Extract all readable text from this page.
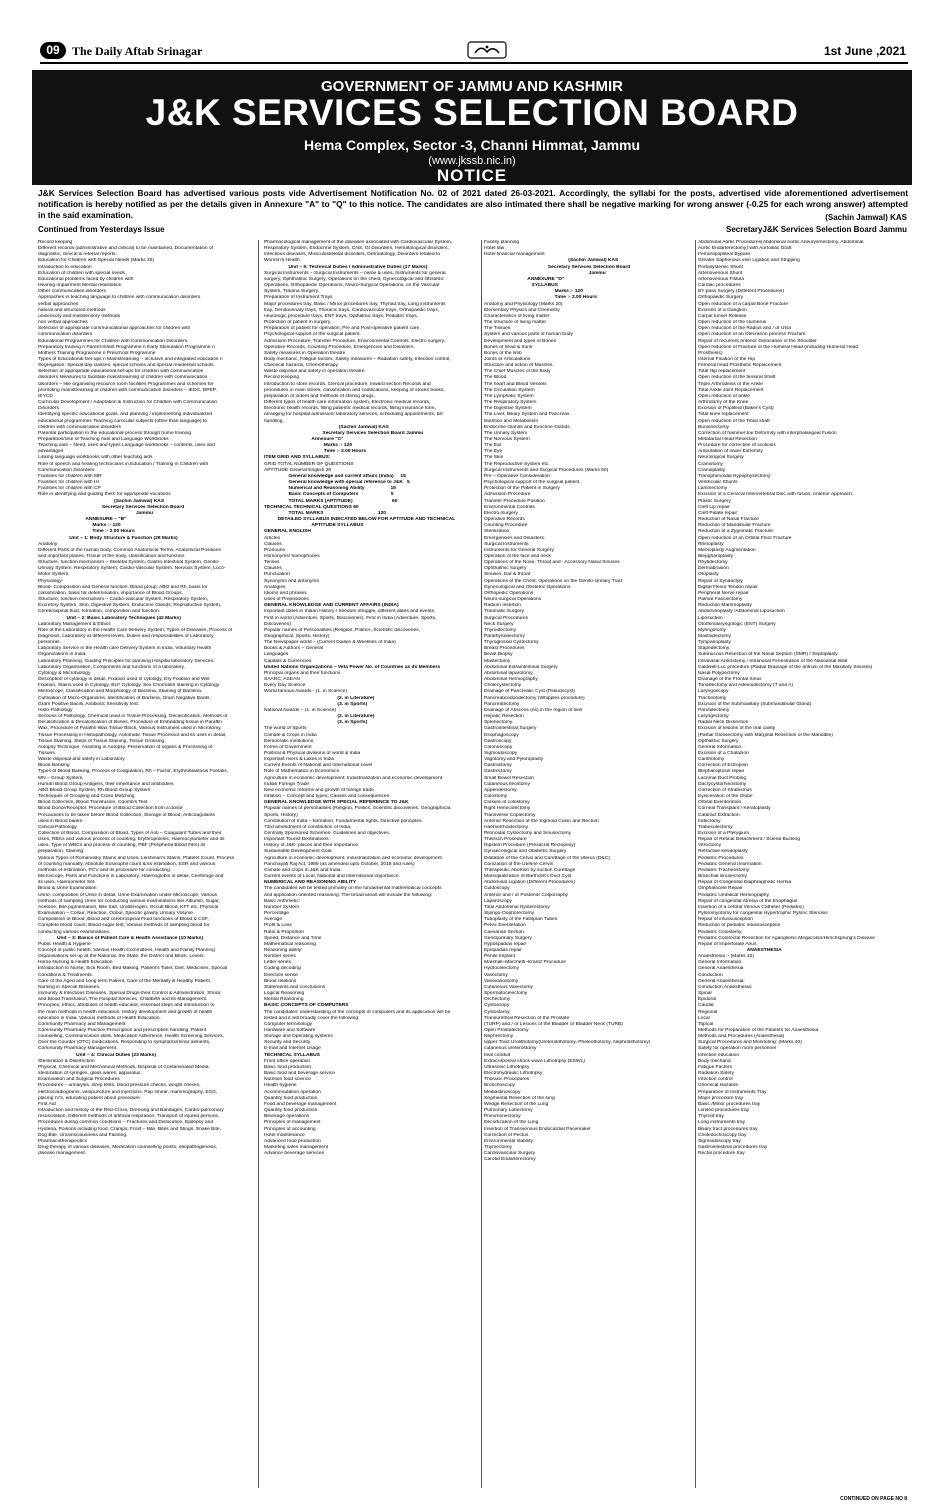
09	The Daily Aftab Srinagar	1st June ,2021
GOVERNMENT OF JAMMU AND KASHMIR
J&K SERVICES SELECTION BOARD
Hema Complex, Sector -3, Channi Himmat, Jammu
(www.jkssb.nic.in)
NOTICE
J&K Services Selection Board has advertised various posts vide Advertisement Notification No. 02 of 2021 dated 26-03-2021. Accordingly, the syllabi for the posts, advertised vide aforementioned advertisement notification is hereby notified as per the details given in Annexure "A" to "Q" to this notice. The candidates are also intimated there shall be negative marking for wrong answer (-0.25 for each wrong answer) attempted in the said examination.	(Sachin Jamwal) KAS
Continued from Yesterdays Issue	SecretaryJ&K Services Selection Board Jammu
Record keeping
Different records (administrative and clinical) to be maintained, Documentation of
diagnostic, clinical & referral reports.
Education for Children with Special Needs (Marks 25)
Introduction to education
Education of children with special needs
Educational problems faced by children with
Hearing impairment Mental retardation
Other communication disorders
Approaches in teaching language to children with communication disorders
verbal approaches
natural and structured methods
unisensory and multisensory methods
non verbal approaches
Selection of appropriate communicational approaches for children with
communication disorders
Educational Programmes for Children with Communication Disorders.
Preparatory training n Parent-Infant Programme n Early Stimulation Programme n
Mothers Training Programme n Preschool Programme
Types of Educational Set-ups n Mainstreaming – inclusive and integrated education n
Segregation: Special day classes, special schools and special residential schools
Selection of appropriate educational set-ups for children with communication
disorders Measures to facilitate mainstreaming of children with communication
disorders – like organising resource room facilities Programmes and schemes for
promoting mainstreaming of children with communication disorders – IEDC, DPEP,
IEYCD
Curricular Development / Adaptation & Instruction for Children with Communication
Disorders
Identifying specific educational goals, and planning / implementing individualized
educational programmes Teaching curricular subjects (other than language) to
children with communication disorders
Parental participation in the educational process through home training
Preparation/Use of Teaching Aids and Language Workbooks
Teaching aids – Need, uses and types Language workbooks – contents, uses and
advantages
Linking language workbooks with other teaching aids
Role of speech and hearing technicians in Education / Training in Children with
Communication Disorders
Facilities for children with MR
Facilities for children with HI
Facilities for children with CP
Role in identifying and guiding them for appropriate vocations
(Sachin Jamwal) KAS
Secretary Services Selection Board
Jammu
ANNEXURE – "B"
Marks :- 120
Time :- 2.00 Hours
Unit – 1: Body Structure & Function (28 Marks)
Anatomy
Different Parts of the human body, Common Anatomical Terms, Anatomical Positions
and important planes, Tissue of the body, classification and function.
Structure, function mechanism – Skeletal System, Gastro-Intestinal System, Genito-
Urinary System, Respiratory System, Cardio-Vascular System, Nervous System, Loco-
Motor System.
Physiology-
Blood- Composition and General function, Blood group, ABO and Rh, basis for
classification, basis for determination, importance of Blood Groups.
Structure, function mechanism – Cardio-vascular System, Respiratory System,
Excretory System, Skin, Digestive System, Endocrine Glands, Reproductive System,
Cerebrospinal fluid, formation, composition and function.
Unit – 2: Basic Laboratory Techniques (42 Marks)
Laboratory Management & Ethics
Role of the Laboratory in the Health Care Delivery System, Types of Diseases, Process of
Diagnosis, Laboratory at different levels, Duties and responsibilities of Laboratory
personnel.
Laboratory Service in the Health care Delivery System in India, Voluntary Health
Organizations in India.
Laboratory Planning, Guiding Principles for planning Hospital laboratory Services,
Laboratory Organisation, Components and functions of a laboratory.
Cytology & Microbiology
Description of cytology in detail, Fixation used in cytology, Dry Fixation and Wet
Fixation, Stains used in Cytology, BLF Cytology, Sex Chormatin staining in Cytology.
Microscope, Classification and Morphology of Bacteria, Staining of Bacteria,
Cultivation of Micro-Organisms, Identification of Bacteria, Gram Negative Bacilli,
Gram Positive Bacilli, Antibiotic Sensitivity test.
Histo-Pathology
Sections of Pathology, Chemical used in Tissue Processing, Decalcification, Methods of
Decalcification & Decalcification of Bones, Procedure of Embedding tissue in Paraffin
Wax, Procedure of Paraffin Wax Tissue Block, Various Instrument used in Microtomy.
Tissue Processing in Histopathology, Automatic Tissue Processor and its uses in detail,
Tissue Staining, Steps of Tissue Staining, Tissue Grossing.
Autopsy Technique, Assisting in Autopsy, Preservation of organs & Processing of
Tissues.
Waste disposal and safety in Laboratory
Blood Banking
Types of Blood Banking, Process of Coagulation, Rh – Factor, Erythroblastosis Foetalis,
MN – Group System.
Human Blood Group Antigens, their inheritance and antibodies
ABO Blood Group System, Rh Blood Group System
Techniques of Grouping and Cross Matching
Blood Collection, Blood Transfusion, Coomb's Test
Blood Donor/Receptor, Procedure of Blood Collection from a donor
Precautions to be taken before Blood Collection, Storage of Blood, Anticoagulants
used in Blood banks
Clinical Pathology
Collection of Blood, Composition of Blood, Types of Anti – Coagulant Tubes and their
Uses, RBCs and various process of counting, Erythropoiesis, Haemocytometer and its
uses, Type of WBCs and process of counting, PBF (Peripheral Blood Film) its
preparation, Staining.
Various Types of Romanosky Stains and Uses, Leishman's Stains, Platelet Count, Process
of counting manually, Absolute Eosinophil count & its estimation, ESR and various
methods of estimation, PCV and its procedure for conducting.
Microscope, Parts and Functions in Laboratory, Haemoglobin in detail, Centrifuge and
its uses, Haemometer Set.
Blood & Urine Examination
Urine, composition of Urine in detail, Urine Examination under Microscope, Various
methods of sampling Urine for conducting various examinations like Albumin, Sugar,
Acetone, Bile pigmentation, Bile Salt, Urobilinogen, Occult Blood, KFT etc, Physical
Examination – Colour, Reaction, Odour, Specific gravity Urinary Volume.
Composition of Blood ,Blood and cerebrospinal Fluid functions of Blood & CSF,
Complete blood count, Blood sugar test, Various methods of sampling blood for
conducting various examinations.
Unit – 3: Basics of Patient Care & Health Assistance (10 Marks)
Public Health & Hygiene
Concept of public health, Various Health Committees, Health and Family Planning
Organisations set up at the National, the State, the District and Block, Levels.
Home Nursing & Health Education
Introduction to Nurse, Sick Room, Bed Making, Patient's Toilet, Diet, Medicines, Special
Conditions & Treatments.
Care of the Aged and Long term Patient, Care of the Mentally ill Healthy Patient,
Nursing in Special Diseases.
Immunity & Infectious Diseases, Special Drugs-their Control & Administration, Shock
and Blood Transfusion, The Hospital Services, Childbirth and its Management.
Principles, ethics, attributes of health educator, essential steps and introduction to
the main methods in health education. History development and growth of health
education in India, Various methods of Health Education.
Community Pharmacy and Management
Community Pharmacy Practice,Prescription and prescription handling, Patient
counselling, Communication skills, Medication Adherence, Health Screening Services,
Over the Counter (OTC) medications, Responding to symptoms/minor ailments,
Community Pharmacy Management.
Unit – 4: Clinical Duties (23 Marks)
Sterilization & Disinfection
Physical, Chemical and Mechanical Methods, Disposal of Contaminated Media,
sterilization of syringes, glass wares, apparatus.
Examination and Surgical Procedures
Procedures – urinalysis, strep tests, blood pressure checks, weight checks,
electrocardiograms, venipuncture and injections. Pap smear, mammography, ECG,
placing IV's, educating patient about procedure
First Aid
Introduction and history of the Red-Cross, Dressing and Bandages, Cardio-pulmonary
resuscitation, Different methods of artificial respiration, Transport of injured persons.
Procedures during common conditions – Fractures and Dislocation, Epilepsy and
Hysteria, Poisons including food, Cramps, Frost – Bite, Bites and Stings, Snake Bite,
Dog Bite, Unconsciousness and Fainting.
Pharmacotherapeutics
Drug therapy of various diseases, Medication counselling points, etiopathogenesis,
disease management.
Pharmacological management of the diseases associated with Cardiovascular System,
Respiratory System, Endocrine System, CNS, GI Disorders, Hematological disorders,
Infectious diseases, Musculoskeletal disorders, Dermatology, Disorders related to
Women's Health.
Unit – 5: Technical Duties / Administrative Duties (17 Marks)
Surgical Instruments – Surgical Instruments – name & uses, Instruments for general
surgery, Ophthalmic Surgery, Operations on the chest, Gynecological and Obstetric
Operations, Orthopaedic Operations, Neuro-Surgical Operations, on the Vascular
System, Trauma Surgery.
Preparation of Instrument Trays
Major procedures tray, Basic / Minor procedures tray, Thyroid tray, Long instruments
tray, Genitourinary trays, Thoracic trays, Cardiovascular trays, Orthopaedic trays,
neurologic procedure trays, ENT trays, Opthalmic trays, Pediatric trays,
Protection of patient in surgery
Preparation of patient for operation, Pre and Post-operative patient care,
Psychological support of the surgical patient.
Admission Procedure, Transfer Procedure, Environmental Controls, Electro surgery,
Operative Records, Counting Procedure, Emergencies and Disasters.
Safety measures in Operation theatre
Body mechanic, Fatigue factors, Safety measures – Radiation safety, Infection control,
Chemical hazards, Chemotherapy
Waste disposal and safety in operation theatre.
Record Keeping
Introduction to store records, Clerical procedure, Inward section Records and
procedures in main stores, classification and codifications, keeping of stocks books,
preparation of indent and methods of storing drugs.
Different types of health care information system, Electronic medical records,
Electronic health records, filling patients' medical records, filling insurance form,
arranging for hospital admission/ laboratory services, scheduling appointments, bill
handling.
(Sachin Jamwal) KAS
Secretary Services Selection Board Jammu
Annexure "C"
Marks :- 120
Time :- 2.00 Hours
ITEM GRID AND SYLLABUS:
GRID TOTAL NUMBER OF QUESTIONS
APTITUDE General English 20
General knowledge and current affairs (India)     15
General knowledge with special reference to J&K   5
Numerical and Reasoning Ability                   15
Basic Concepts of Computers                        5
TOTAL MARKS (APTITUDE)                             60
TECHNICAL TECHNICAL QUESTIONS 60
TOTAL MARKS                                        120
DETAILED SYLLABUS INDICATED BELOW FOR APTITUDE AND TECHNICAL
APTITUDE SYLLABUS
GENERAL ENGLISH
Articles
Clauses
Pronouns
Homonyms/ homophones
Tenses
Clauses
Punctuation
Synonyms and antonyms
Analogies
Idioms and phrases
Uses of Prepositions
GENERAL KNOWLEDGE AND CURRENT AFFAIRS (INDIA)
Important dates in Indian History / freedom struggle, different dates and events
First in world (Adventure, Sports, Discoveries). First in India (Adventure, Sports,
Discoveries)
Popular names of Personalities (Religion, Politics, Scientific discoveries,
Geographical, Sports, History)
The Newspaper world – (Current Dailies & Weeklies of India)
Books & Authors – General
Languages
Capitals & Currencies
United Nations Organizations – Veta Power No. of Countries as its Members
Principal organs and their functions
SAARC, ASEAN
Every Day Science
World famous Awards - (1. in Science)
(2. in Literature)
(3. in Sports)
National Awards – (1. in Science)
(2. in Literature)
(3. in Sports)
The world of Sports
Climate & Crops in India
Democratic institutions
Forms of Government
Political & Physical divisions of world & India
Important rivers & Lakes in India
Current Events of National and International Level
Role of Mathematics in Economics
Agriculture in economic development; Industrialization and economic development
Indian Foreign Trade
New economic reforms and growth of foreign trade
Inflation – Concept and types; Causes and consequences
GENERAL KNOWLEDGE WITH SPECIAL REFERENCE TO J&K
Popular names of personalities (Religion, Politics, Scientific discoveries, Geographical,
Sports, History)
Constitution of India – formation, Fundamental rights, Directive principles.
73rd amendment of constitution of India.
Centrally Sponsored Schemes- Guidelines and objectives.
Important Tourist Destinations.
History of J&K- places and their importance.
Sustainable Development Goal.
Agriculture in economic development, industrialization and economic development.
Panchayati Raj Act, 1989 (as amended upto October, 2018 and rules)
Climate and crops in J&K and India.
Current events of Local, National and International importance.
NUMERICAL AND REASONING ABILITY
The candidates will be tested primarily on the fundamental mathematical concepts
and application oriented reasoning. The broad areas will include the following:
Basic Arithmetic:
Number System
Percentage
Average
Profit & Loss
Ratio & Proportion
Speed, Distance and Time
Mathematical reasoning
Reasoning ability:
Number series
Letter series
Coding decoding
Direction sense
Blood relations
Statements and conclusions
Logical Reasoning
Mental Reasoning
BASIC CONCEPTS OF COMPUTERS
The candidates' understanding of the concepts of computers and its application will be
tested and it will broadly cover the following:
Computer terminology
Hardware and Software
Storage and Operating systems
Security and Security
E-mail and Internet Usage
TECHNICAL SYLLABUS
Front office operation
Basic food production
Basic food and beverage service
Nutrition food science
Health hygiene
Accommodation operation
Quantity food production
Food and beverage management
Quantity food production
Beverage operations
Principles of management
Principles of accounting
Hotel maintenance
Advanced food production
Marketing sales management
Advance beverage services
Facility planning
Hotel law
Hotel financial management
(Sachin Jamwal) KAS
Secretary Services Selection Board
Jammu
ANNEXURE "D"
SYLLABUS
Marks :- 120
Time :- 2.00 Hours
Anatomy and Physiology (Marks 20)
Elementary Physics and Chemistry
Characteristics of living matter
The structure of living matter
The Tissues
System and various parts of human body
Development and types of Bones
Bones of head & trunk
Bones of the limb
Joints or Articulations
Structure and action of Muscles.
The Chief Muscles of the Body
The Blood
The heart and Blood Vessels
The Circulation System
The Lymphatic System
The Respiratory System
The Digestive System
The Liver, Biliary System and Pancreas
Nutrition and Metabolism
Endocrine Glands and Exocrine Glands
The Urinary System
The Nervous System
The Ear
The Eye
The Skin
The Reproductive System etc.
Surgical Instruments and Surgical Procedures (Marks 50)
Pre – Operative Consideration
Psychological support of the surgical patient.
Protection of the Patient in Surgery
Admission Procedure
Transfer Procedure Position
Environmental Controls
Electro-Surgery
Operative Records
Counting Procedure
Sterilization
Emergencies and Disasters.
Surgical Instruments
Instruments for General Surgery
Operation of the face and neck
Operations of the Nose, Throat and : Accessory Nasal Sinuses
Ophthalmic surgery
Sinuses, Ear & throat
Operations of the Chest, Operations on the Genito-Urinary Tract
Gynecological and Obstetric Operations
Orthopedic Operations
Neuro-surgical Operations
Radium Insertion
Traumatic Surgery
Surgical Procedures
Neck Surgery
Thyroidectomy
Parathyroidectomy
Thyroglossal Cystectomy
Breast Procedures
Beast Biopsy
Mastectomy
Abdominal Extraintestinal Surgery
Abdominal laparotomy
Abdominal Herniography
Cholecystectomy
Drainage of Pancreatic Cyst (Pseudocyst)
Pancreaticoduodectomy (Whipples procedure)
Pancreatectomy
Drainage of Abscess (es) in the region of liver
Hepatic Resection
Splenectomy.
Gastrointestinal Surgery
Esophagoscopy
Gastroscopy
Colonoscopy
Sigmoidoscopy
Vagotomy and Pyloroplasty
Gastrostomy
Gastrectomy
Small Bowel Resection
Cutaneous Ileostomy
Appendectomy
Colostomy
Closure of colostomy
Right Hemicolectomy
Transverse Coplectomy
Anterior Resection of the Sigmoid Colon and Rectum
Haemorrhoidectomy
Pilonoidal Cystectomy and Sinusectomy
Theirsch Procedure
Ripstein Procedure (Presacral Rectopexy)
Gynaecological and Obstetric Surgery
Dilatation of the Cervix and Curettage of the Uterus (D&C)
Conization of the Uterine Cervix
Therapeutic Abortion by suction Curettage
Marsupialization of Bartholin's Duct Cyst
Abdominal Ligation (Different Procedures)
Culdoscopy
Anterior and / or Posterior Colporraphy
Laparoscopy
Total Abdominal Hysterectomy
Slpingo-Oophorectomy
Tuboplasty of the Fallopian Tubes
Pelvic Exenteration
Caesarian Section.
Genitourinary Surgery
Hypospadias repair
Epispadias repair
Penile Implant
Marshall–Marchetti–Krantz Procedure
Hydrocelectomy
Vasectomy
Vasovasostomy
Cutaneous Vasectomy
Spermatocelectomy
Orchectomy
Cystoscopy
Cystostomy
Transurethral Resection of the Prostate
(TURP) and / or Lesions of the Bladder or Bladder Neck (TURB)
Open Prostatectomy
Nephrectomy
Upper Tract Urolithotomy(Ureterolithotomy, Pheleothotomy, Nephrolithotomy)
cutaneous ureterostomy
Ileal conduit
Extracorporeal shock wave Lithotripsy (ESWL)
Ultrasonic Lithotripsy
Electrohydraulic Lithotripsy
Thoracic Procedures
Bronchoscopy
Mediastinoscopy
Segmental Resection of the lung
Wedge Resection of the Lung
Pulmonary Lobectomy
Pneumonectomy
Decortication of the Lung
Insertion of Transvenous Endocardial Pacemaker
Correction of Pectus
Environmental stability
Thymectomy
Cardiovascular Surgery
Carotid Endarterectomy
Abdominal Aortic Procedures(Abdominal Aortic Aneurysmectomy, Abdominal
Aortic Endarterectomy) with Aortoiliac Graft
Femoropopliteal Bypass
Greater Saphenous vein Ligation and Stripping
Portasystemic Shunt
Arteriovenous Shunt
Arteriovenous Fistula
Cardiac procedures
BY pass Surgery (Different Procedures)
Orthopaedic Surgery
Open reduction of a carpal Bone Fracture
Excision of a Ganglion
Carpal tunnel Release
Open reduction of the Humerus
Open reduction of the Radius and / or Ulna
Open reduction of an Olecranon process Fracture
Repair of recurrent Anterior Dislocation of the Shoulder
Open reduction of Fracture of the Humeral Head (including Humeral Head
Prosthesis)
Internal Fixation of the Hip
Femoral head Prosthetic Replacement
Total Hip replacement
Open reduction of the femoral Shaft
Triple Arthrodesis of the Ankle
Total Ankle Joint Replacement
Open reduction of ankle
Arthrotomy of the Knee
Excision of Popliteal (Baker's Cyst)
Total knee replacement
Open reduction of the Tibial shaft
Bunionectomy
Correction of hammer toe Deformity with interphalangeal Fusion
Metatarsal Head Resection
Procedure for correction of scoliosis
Amputation of lower Extremity
Neurological Surgery
Craniotomy
Cranioplasty
Transphenoidal Hypophysectomy
Ventricular Shunts
Laminectomy
Excision of a Cervical Intervertebral Disc with fusion, Anterior Approach.
Plastic Surgery
Cleft Lip repair
Cleft Palate repair
Reduction of Nasal Fracture
Reduction of Mandibular Fracture
Reduction of a Zygomatic Fracture
Open reduction of an Orbital Floor Fracture
Rhinoplasty
Mentoplasty Augmentation
Blepgharoplasty
Rhytidectomy
Dermabrasion
Otoplasty
Repair of Syndactyly
Digital Flexor Tendon repair
Peripheral Nerve repair
Palmar Fasciectomy
Reduction Mammoplasty
Abdominoplasty /Abdominal Liposuction
Liposuction
Otorhinolaryngologic (ENT) Surgery
Myringotomy
Mastoidectomy
Tympanoplasty
Stapedectomy
Submucous Resection of the Nasal Septum (SMR) / Septoplasty
Intranasal Antrostomy / Intranasal Fenestration of the Nasoantal Wall.
Caldwell-Luc procedure (Radial Drainage of the antrum of the Maxillary Sinuses)
Nasal Polypectomy
Drainage of the Frontal Sinus
Tonsillectomy and Adenoidectomy (T and A)
Laryngoscopy
Tracheotomy
Excision of the Submaxillary (Submandibular Gland)
Parotidectomy
Laryngectomy
Radial Neck Dissection
Excision of lesions of the oral cavity
(Partial Glossectomy with Marginal Resection of the Mandible)
Opthalmic Surgery
General Information
Excision of a Chalazion
Canthotomy
Correction of Ectropion
Blepharoptosis repair
Lacrimal Duct Probing
Dacrycystorhinostomy
Correction of Strabismus
Eyisceration of the Globe
Orbital Exenteration
Corneal Transplant / Keratoplasty
Cataract Extraction
Iridectomy
Trabeculectomy
Excision of a Pterygium
Repair of Retinal Detachment / Scleral Bucking
Vitrectomy
Refractive keratoplasty
Pediatric Procedures
Pediatric General Information
Pediatric Tracheostomy
Branchial sinusectomy
Repair of Congenital Diaphragmatic Hernia
Omphalocele Repair
Pediatric Umbilical Herniography
Repair of congenital Atresia of the Esophagus
Insertion of a central Venous Catheter (Pediatric)
Pyloromyotomy for congenital Hypertrophic Pyloric Stenosis
Repair of intussusception
Reduction of pediatric intussusception
Pediatric Colostomy
Pediatric Colorectal Resection for Aganglionic Megacolon/Hirschsprung's Disease
Repair of Imperforate Anus
ANAESTHESIA
Anaesthesia :- (Marks 10)
General Information
General Anaesthesia
Conduction
General Anaesthesia:
Conduction Anaesthesia:
Spinal
Epidural
Caudal
Regional
Local
Topical
Methods for Preparation of the Patients for Anaesthesia
Methods and Procedures (Anaesthesia)
Surgical Procedures and Monitoring: (Marks 40)
Safety for operation room personnel
Infection education
Body mechanic
Fatigue Factors
Radiation Safety
Infection control
Chemical Hazards
Preparation of Instruments Tray
Major procedure tray
Basic /Minor procedures tray
Limited procedures tray
Thyroid tray
Long instruments tray
Biliary tract procedures tray
Choledochoscopy tray
Sigmoidoscopy tray
Gastrointestinal procedures tray
Rectal procedure tray
CONTINUED ON PAGE NO 8
